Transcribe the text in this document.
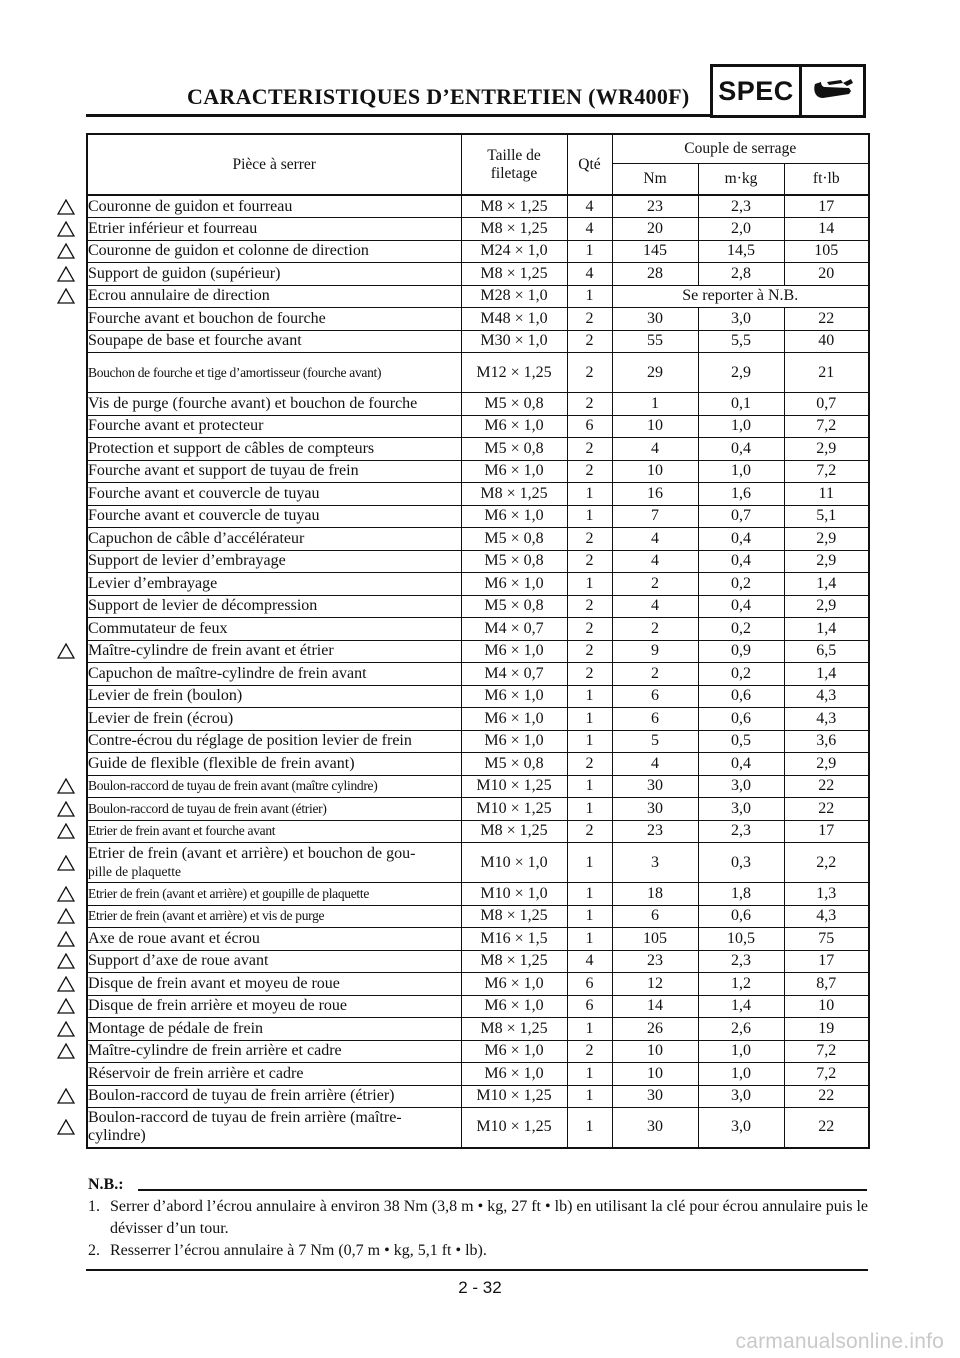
CARACTERISTIQUES D’ENTRETIEN (WR400F) SPEC
Pièce à serrer	Taille de filetage	Qté	Couple de serrage		
			Nm	m·kg	ft·lb

Couronne de guidon et fourreau	M8 × 1,25	4	23	2,3	17

Etrier inférieur et fourreau	M8 × 1,25	4	20	2,0	14

Couronne de guidon et colonne de direction	M24 × 1,0	1	145	14,5	105

Support de guidon (supérieur)	M8 × 1,25	4	28	2,8	20

Ecrou annulaire de direction	M28 × 1,0	1	Se reporter à N.B.		
Fourche avant et bouchon de fourche	M48 × 1,0	2	30	3,0	22
Soupape de base et fourche avant	M30 × 1,0	2	55	5,5	40
Bouchon de fourche et tige d’amortisseur (fourche avant)	M12 × 1,25	2	29	2,9	21
Vis de purge (fourche avant) et bouchon de fourche	M5 × 0,8	2	1	0,1	0,7
Fourche avant et protecteur	M6 × 1,0	6	10	1,0	7,2
Protection et support de câbles de compteurs	M5 × 0,8	2	4	0,4	2,9
Fourche avant et support de tuyau de frein	M6 × 1,0	2	10	1,0	7,2
Fourche avant et couvercle de tuyau	M8 × 1,25	1	16	1,6	11
Fourche avant et couvercle de tuyau	M6 × 1,0	1	7	0,7	5,1
Capuchon de câble d’accélérateur	M5 × 0,8	2	4	0,4	2,9
Support de levier d’embrayage	M5 × 0,8	2	4	0,4	2,9
Levier d’embrayage	M6 × 1,0	1	2	0,2	1,4
Support de levier de décompression	M5 × 0,8	2	4	0,4	2,9
Commutateur de feux	M4 × 0,7	2	2	0,2	1,4

Maître-cylindre de frein avant et étrier	M6 × 1,0	2	9	0,9	6,5
Capuchon de maître-cylindre de frein avant	M4 × 0,7	2	2	0,2	1,4
Levier de frein (boulon)	M6 × 1,0	1	6	0,6	4,3
Levier de frein (écrou)	M6 × 1,0	1	6	0,6	4,3
Contre-écrou du réglage de position levier de frein	M6 × 1,0	1	5	0,5	3,6
Guide de flexible (flexible de frein avant)	M5 × 0,8	2	4	0,4	2,9

Boulon-raccord de tuyau de frein avant (maître cylindre)	M10 × 1,25	1	30	3,0	22

Boulon-raccord de tuyau de frein avant (étrier)	M10 × 1,25	1	30	3,0	22

Etrier de frein avant et fourche avant	M8 × 1,25	2	23	2,3	17

Etrier de frein (avant et arrière) et bouchon de gou-
pille de plaquette	M10 × 1,0	1	3	0,3	2,2

Etrier de frein (avant et arrière) et goupille de plaquette	M10 × 1,0	1	18	1,8	1,3

Etrier de frein (avant et arrière) et vis de purge	M8 × 1,25	1	6	0,6	4,3

Axe de roue avant et écrou	M16 × 1,5	1	105	10,5	75

Support d’axe de roue avant	M8 × 1,25	4	23	2,3	17

Disque de frein avant et moyeu de roue	M6 × 1,0	6	12	1,2	8,7

Disque de frein arrière et moyeu de roue	M6 × 1,0	6	14	1,4	10

Montage de pédale de frein	M8 × 1,25	1	26	2,6	19

Maître-cylindre de frein arrière et cadre	M6 × 1,0	2	10	1,0	7,2
Réservoir de frein arrière et cadre	M6 × 1,0	1	10	1,0	7,2

Boulon-raccord de tuyau de frein arrière (étrier)	M10 × 1,25	1	30	3,0	22

Boulon-raccord de tuyau de frein arrière (maître-
cylindre)	M10 × 1,25	1	30	3,0	22
N.B.:
1. Serrer d’abord l’écrou annulaire à environ 38 Nm (3,8 m • kg, 27 ft • lb) en utilisant la clé pour écrou annulaire puis le dévisser d’un tour.
2. Resserrer l’écrou annulaire à 7 Nm (0,7 m • kg, 5,1 ft • lb).
2 - 32
carmanualsonline.info
